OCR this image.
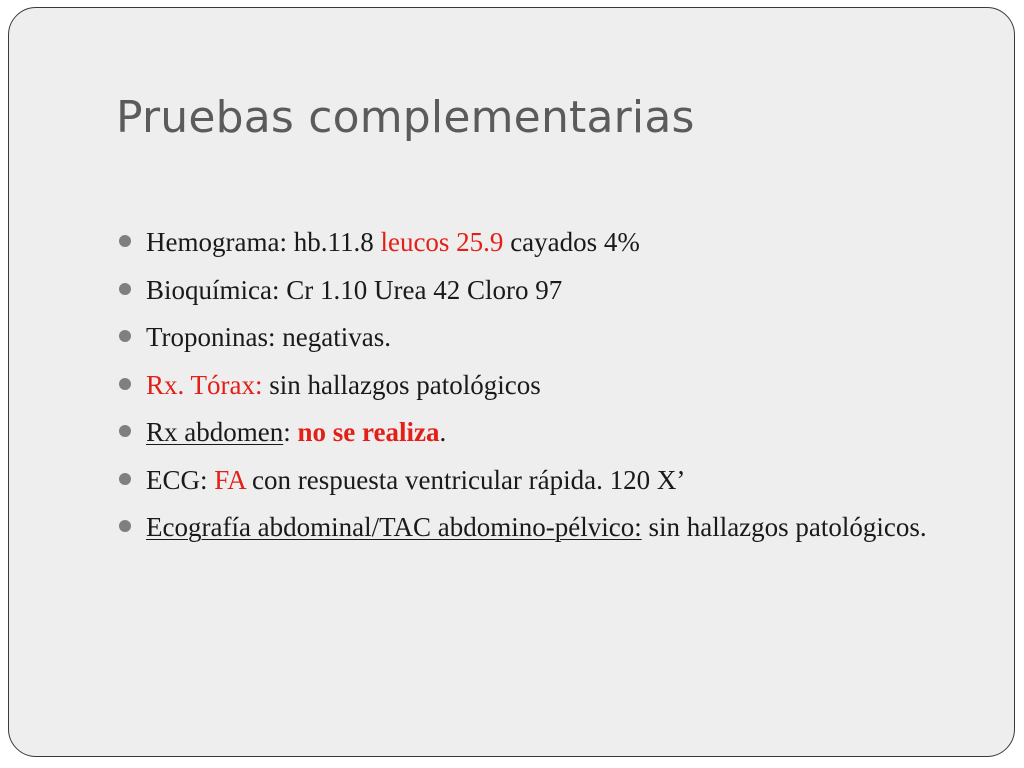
Pruebas complementarias
Hemograma: hb.11.8 leucos 25.9 cayados 4%
Bioquímica: Cr 1.10 Urea 42 Cloro 97
Troponinas: negativas.
Rx. Tórax: sin hallazgos patológicos
Rx abdomen: no se realiza.
ECG: FA con respuesta ventricular rápida. 120 X’
Ecografía abdominal/TAC abdomino-pélvico: sin hallazgos patológicos.
